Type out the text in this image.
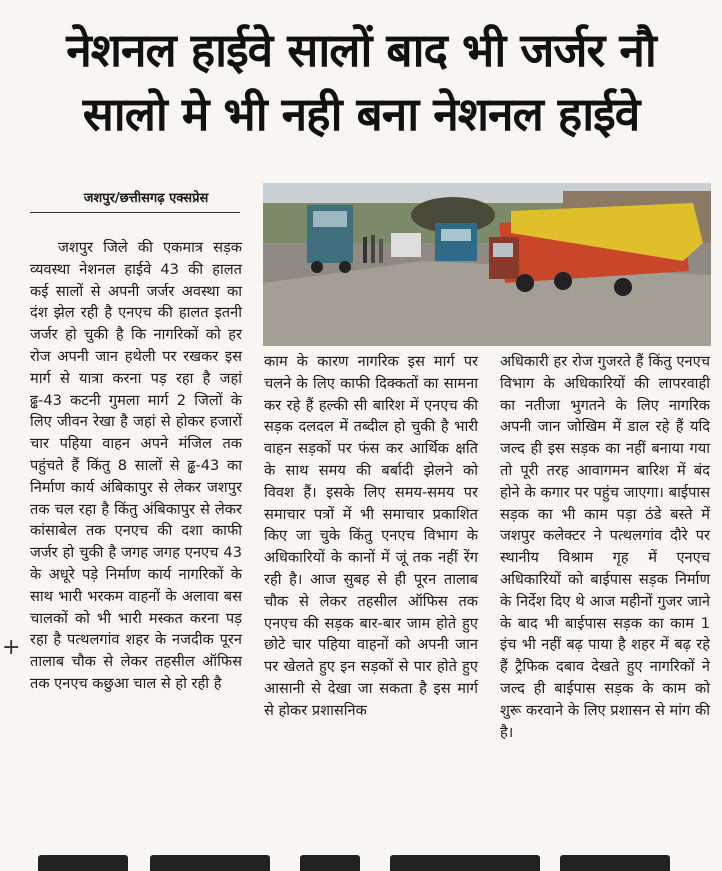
नेशनल हाईवे सालों बाद भी जर्जर नौ
सालो मे भी नही बना नेशनल हाईवे
जशपुर/छत्तीसगढ़ एक्सप्रेस

जशपुर जिले की एकमात्र सड़क व्यवस्था नेशनल हाईवे 43 की हालत कई सालों से अपनी जर्जर अवस्था का दंश झेल रही है एनएच की हालत इतनी जर्जर हो चुकी है कि नागरिकों को हर रोज अपनी जान हथेली पर रखकर इस मार्ग से यात्रा करना पड़ रहा है जहां ढ्ढ-43 कटनी गुमला मार्ग 2 जिलों के लिए जीवन रेखा है जहां से होकर हजारों चार पहिया वाहन अपने मंजिल तक पहुंचते हैं किंतु 8 सालों से ढ्ढ-43 का निर्माण कार्य अंबिकापुर से लेकर जशपुर तक चल रहा है किंतु अंबिकापुर से लेकर कांसाबेल तक एनएच की दशा काफी जर्जर हो चुकी है जगह जगह एनएच 43 के अधूरे पड़े निर्माण कार्य नागरिकों के साथ भारी भरकम वाहनों के अलावा बस चालकों को भी भारी मस्कत करना पड़ रहा है पत्थलगांव शहर के नजदीक पूरन तालाब चौक से लेकर तहसील ऑफिस तक एनएच कछुआ चाल से हो रही है

काम के कारण नागरिक इस मार्ग पर चलने के लिए काफी दिक्कतों का सामना कर रहे हैं हल्की सी बारिश में एनएच की सड़क दलदल में तब्दील हो चुकी है भारी वाहन सड़कों पर फंस कर आर्थिक क्षति के साथ समय की बर्बादी झेलने को विवश हैं। इसके लिए समय-समय पर समाचार पत्रों में भी समाचार प्रकाशित किए जा चुके किंतु एनएच विभाग के अधिकारियों के कानों में जूं तक नहीं रेंग रही है। आज सुबह से ही पूरन तालाब चौक से लेकर तहसील ऑफिस तक एनएच की सड़क बार-बार जाम होते हुए छोटे चार पहिया वाहनों को अपनी जान पर खेलते हुए इन सड़कों से पार होते हुए आसानी से देखा जा सकता है इस मार्ग से होकर प्रशासनिक

अधिकारी हर रोज गुजरते हैं किंतु एनएच विभाग के अधिकारियों की लापरवाही का नतीजा भुगतने के लिए नागरिक अपनी जान जोखिम में डाल रहे हैं यदि जल्द ही इस सड़क का नहीं बनाया गया तो पूरी तरह आवागमन बारिश में बंद होने के कगार पर पहुंच जाएगा। बाईपास सड़क का भी काम पड़ा ठंडे बस्ते में जशपुर कलेक्टर ने पत्थलगांव दौरे पर स्थानीय विश्राम गृह में एनएच अधिकारियों को बाईपास सड़क निर्माण के निर्देश दिए थे आज महीनों गुजर जाने के बाद भी बाईपास सड़क का काम 1 इंच भी नहीं बढ़ पाया है शहर में बढ़ रहे हैं ट्रैफिक दबाव देखते हुए नागरिकों ने जल्द ही बाईपास सड़क के काम को शुरू करवाने के लिए प्रशासन से मांग की है।

+
